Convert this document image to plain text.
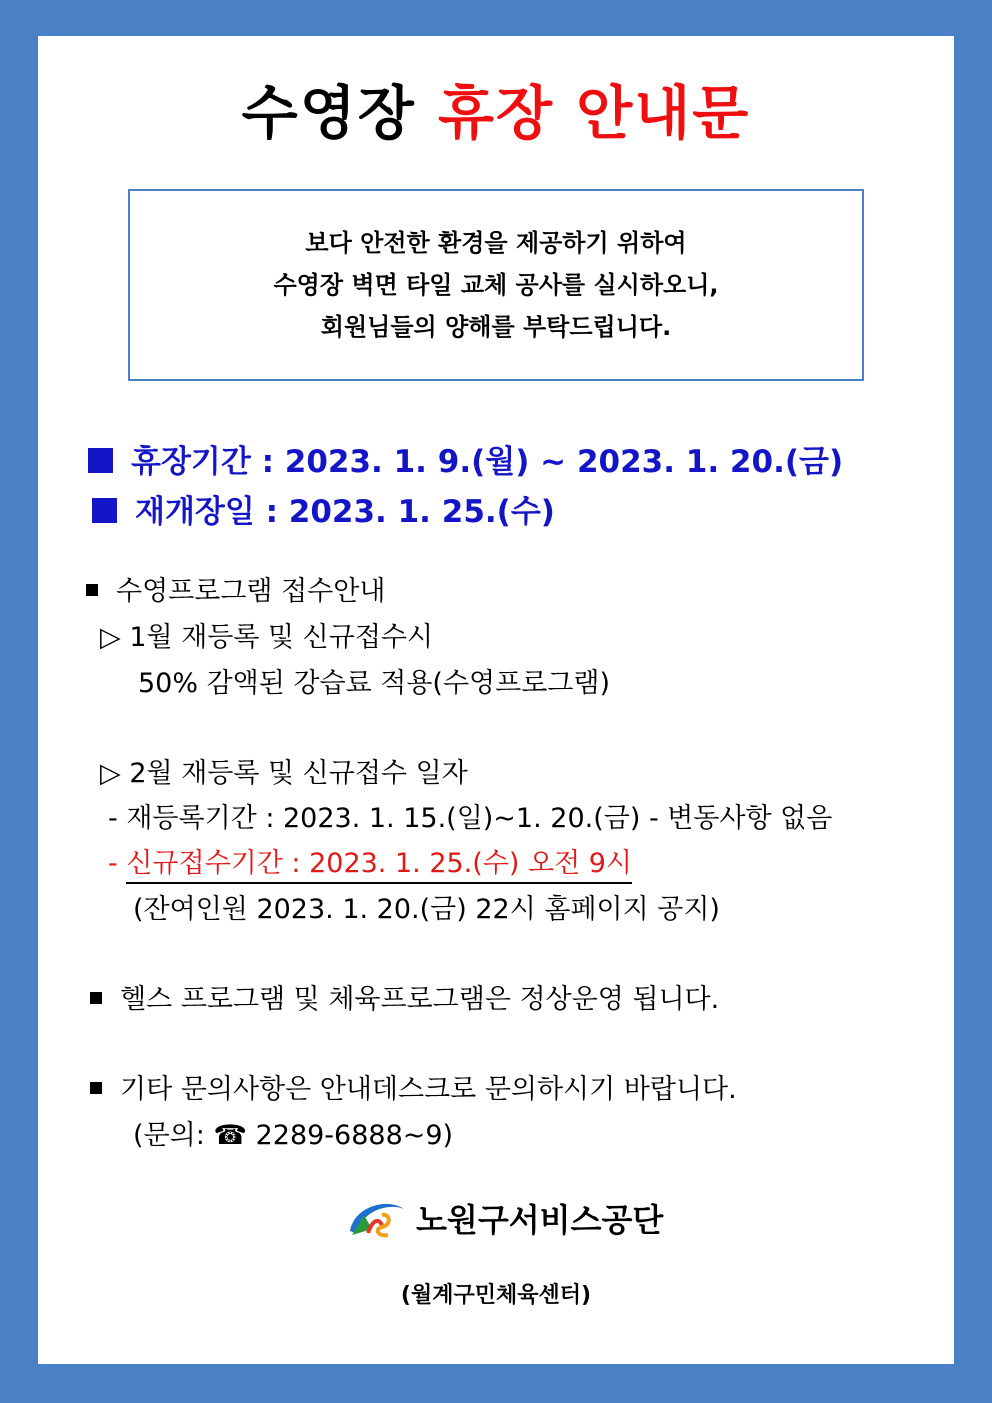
수영장 휴장 안내문
보다 안전한 환경을 제공하기 위하여
수영장 벽면 타일 교체 공사를 실시하오니,
회원님들의 양해를 부탁드립니다.
휴장기간 : 2023. 1. 9.(월) ~ 2023. 1. 20.(금)
재개장일 : 2023. 1. 25.(수)
수영프로그램 접수안내
▷ 1월 재등록 및 신규접수시
50% 감액된 강습료 적용(수영프로그램)
▷ 2월 재등록 및 신규접수 일자
- 재등록기간 : 2023. 1. 15.(일)~1. 20.(금) - 변동사항 없음
- 신규접수기간 : 2023. 1. 25.(수) 오전 9시
(잔여인원 2023. 1. 20.(금) 22시 홈페이지 공지)
헬스 프로그램 및 체육프로그램은 정상운영 됩니다.
기타 문의사항은 안내데스크로 문의하시기 바랍니다.
(문의: ☎ 2289-6888~9)
노원구서비스공단
(월계구민체육센터)
